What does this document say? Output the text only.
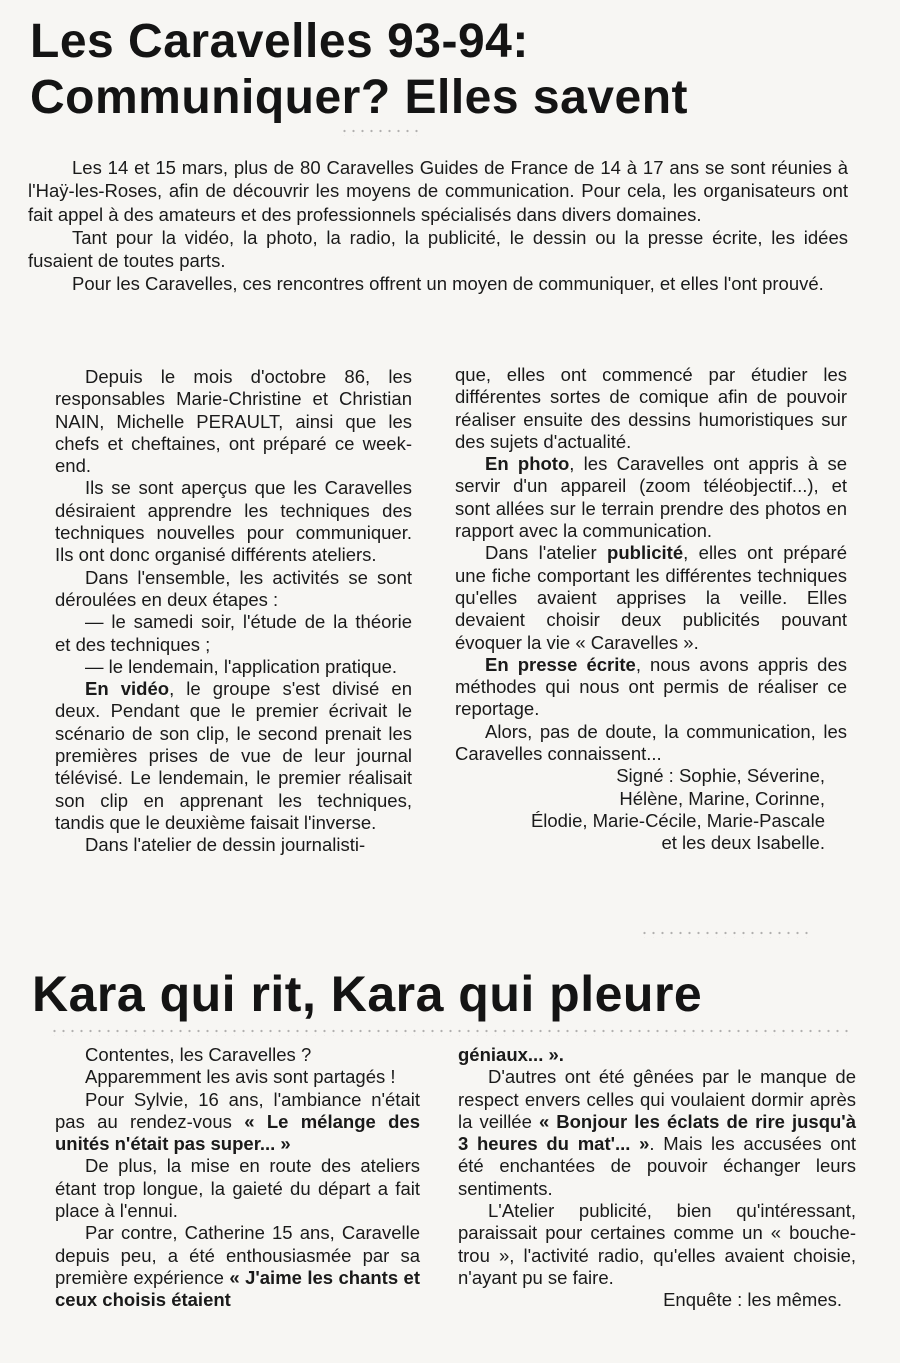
Les Caravelles 93-94:
Communiquer? Elles savent

Les 14 et 15 mars, plus de 80 Caravelles Guides de France de 14 à 17 ans se sont réunies à l'Haÿ-les-Roses, afin de découvrir les moyens de communication. Pour cela, les organisateurs ont fait appel à des amateurs et des professionnels spécialisés dans divers domaines.

Tant pour la vidéo, la photo, la radio, la publicité, le dessin ou la presse écrite, les idées fusaient de toutes parts.

Pour les Caravelles, ces rencontres offrent un moyen de communiquer, et elles l'ont prouvé.

Depuis le mois d'octobre 86, les responsables Marie-Christine et Christian NAIN, Michelle PERAULT, ainsi que les chefs et cheftaines, ont préparé ce week-end.

Ils se sont aperçus que les Caravelles désiraient apprendre les techniques des techniques nouvelles pour communiquer. Ils ont donc organisé différents ateliers.

Dans l'ensemble, les activités se sont déroulées en deux étapes :

— le samedi soir, l'étude de la théorie et des techniques ;

— le lendemain, l'application pratique.

En vidéo, le groupe s'est divisé en deux. Pendant que le premier écrivait le scénario de son clip, le second prenait les premières prises de vue de leur journal télévisé. Le lendemain, le premier réalisait son clip en apprenant les techniques, tandis que le deuxième faisait l'inverse.

Dans l'atelier de dessin journalisti-

que, elles ont commencé par étudier les différentes sortes de comique afin de pouvoir réaliser ensuite des dessins humoristiques sur des sujets d'actualité.

En photo, les Caravelles ont appris à se servir d'un appareil (zoom téléobjectif...), et sont allées sur le terrain prendre des photos en rapport avec la communication.

Dans l'atelier publicité, elles ont préparé une fiche comportant les différentes techniques qu'elles avaient apprises la veille. Elles devaient choisir deux publicités pouvant évoquer la vie « Caravelles ».

En presse écrite, nous avons appris des méthodes qui nous ont permis de réaliser ce reportage.

Alors, pas de doute, la communication, les Caravelles connaissent...

Signé : Sophie, Séverine,
Hélène, Marine, Corinne,
Élodie, Marie-Cécile, Marie-Pascale
et les deux Isabelle.
Kara qui rit, Kara qui pleure

Contentes, les Caravelles ?

Apparemment les avis sont partagés !

Pour Sylvie, 16 ans, l'ambiance n'était pas au rendez-vous « Le mélange des unités n'était pas super... »

De plus, la mise en route des ateliers étant trop longue, la gaieté du départ a fait place à l'ennui.

Par contre, Catherine 15 ans, Caravelle depuis peu, a été enthousiasmée par sa première expérience « J'aime les chants et ceux choisis étaient

géniaux... ».

D'autres ont été gênées par le manque de respect envers celles qui voulaient dormir après la veillée « Bonjour les éclats de rire jusqu'à 3 heures du mat'... ». Mais les accusées ont été enchantées de pouvoir échanger leurs sentiments.

L'Atelier publicité, bien qu'intéressant, paraissait pour certaines comme un « bouche-trou », l'activité radio, qu'elles avaient choisie, n'ayant pu se faire.

Enquête : les mêmes.
